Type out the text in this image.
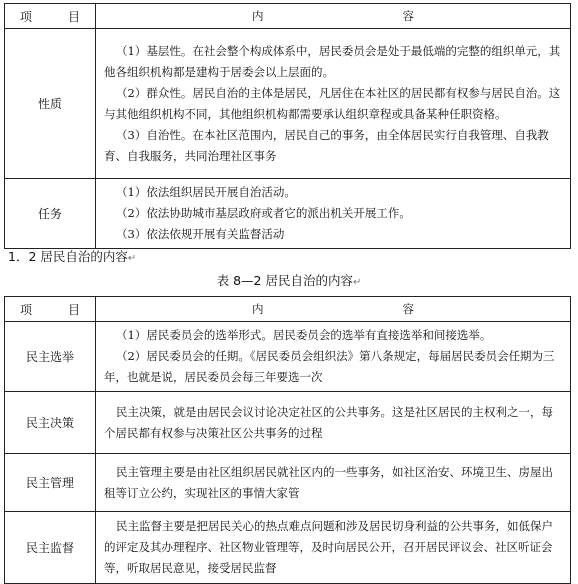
项 目	内 容

性质	（1）基层性。在社会整个构成体系中，居民委员会是处于最低端的完整的组织单元，其他各组织机构都是建构于居委会以上层面的。

（2）群众性。居民自治的主体是居民，凡居住在本社区的居民都有权参与居民自治。这与其他组织机构不同，其他组织机构都需要承认组织章程或具备某种任职资格。

（3）自治性。在本社区范围内，居民自己的事务，由全体居民实行自我管理、自我教育、自我服务，共同治理社区事务

任务	（1）依法组织居民开展自治活动。

（2）依法协助城市基层政府或者它的派出机关开展工作。

（3）依法依规开展有关监督活动

1．2 居民自治的内容↵
表 8—2 居民自治的内容↵
项 目	内 容

民主选举	（1）居民委员会的选举形式。居民委员会的选举有直接选举和间接选举。

（2）居民委员会的任期。《居民委员会组织法》第八条规定，每届居民委员会任期为三年，也就是说，居民委员会每三年要选一次

民主决策	民主决策，就是由居民会议讨论决定社区的公共事务。这是社区居民的主权利之一，每个居民都有权参与决策社区公共事务的过程

民主管理	民主管理主要是由社区组织居民就社区内的一些事务，如社区治安、环境卫生、房屋出租等订立公约，实现社区的事情大家管

民主监督	民主监督主要是把居民关心的热点难点问题和涉及居民切身利益的公共事务，如低保户的评定及其办理程序、社区物业管理等，及时向居民公开，召开居民评议会、社区听证会等，听取居民意见，接受居民监督
